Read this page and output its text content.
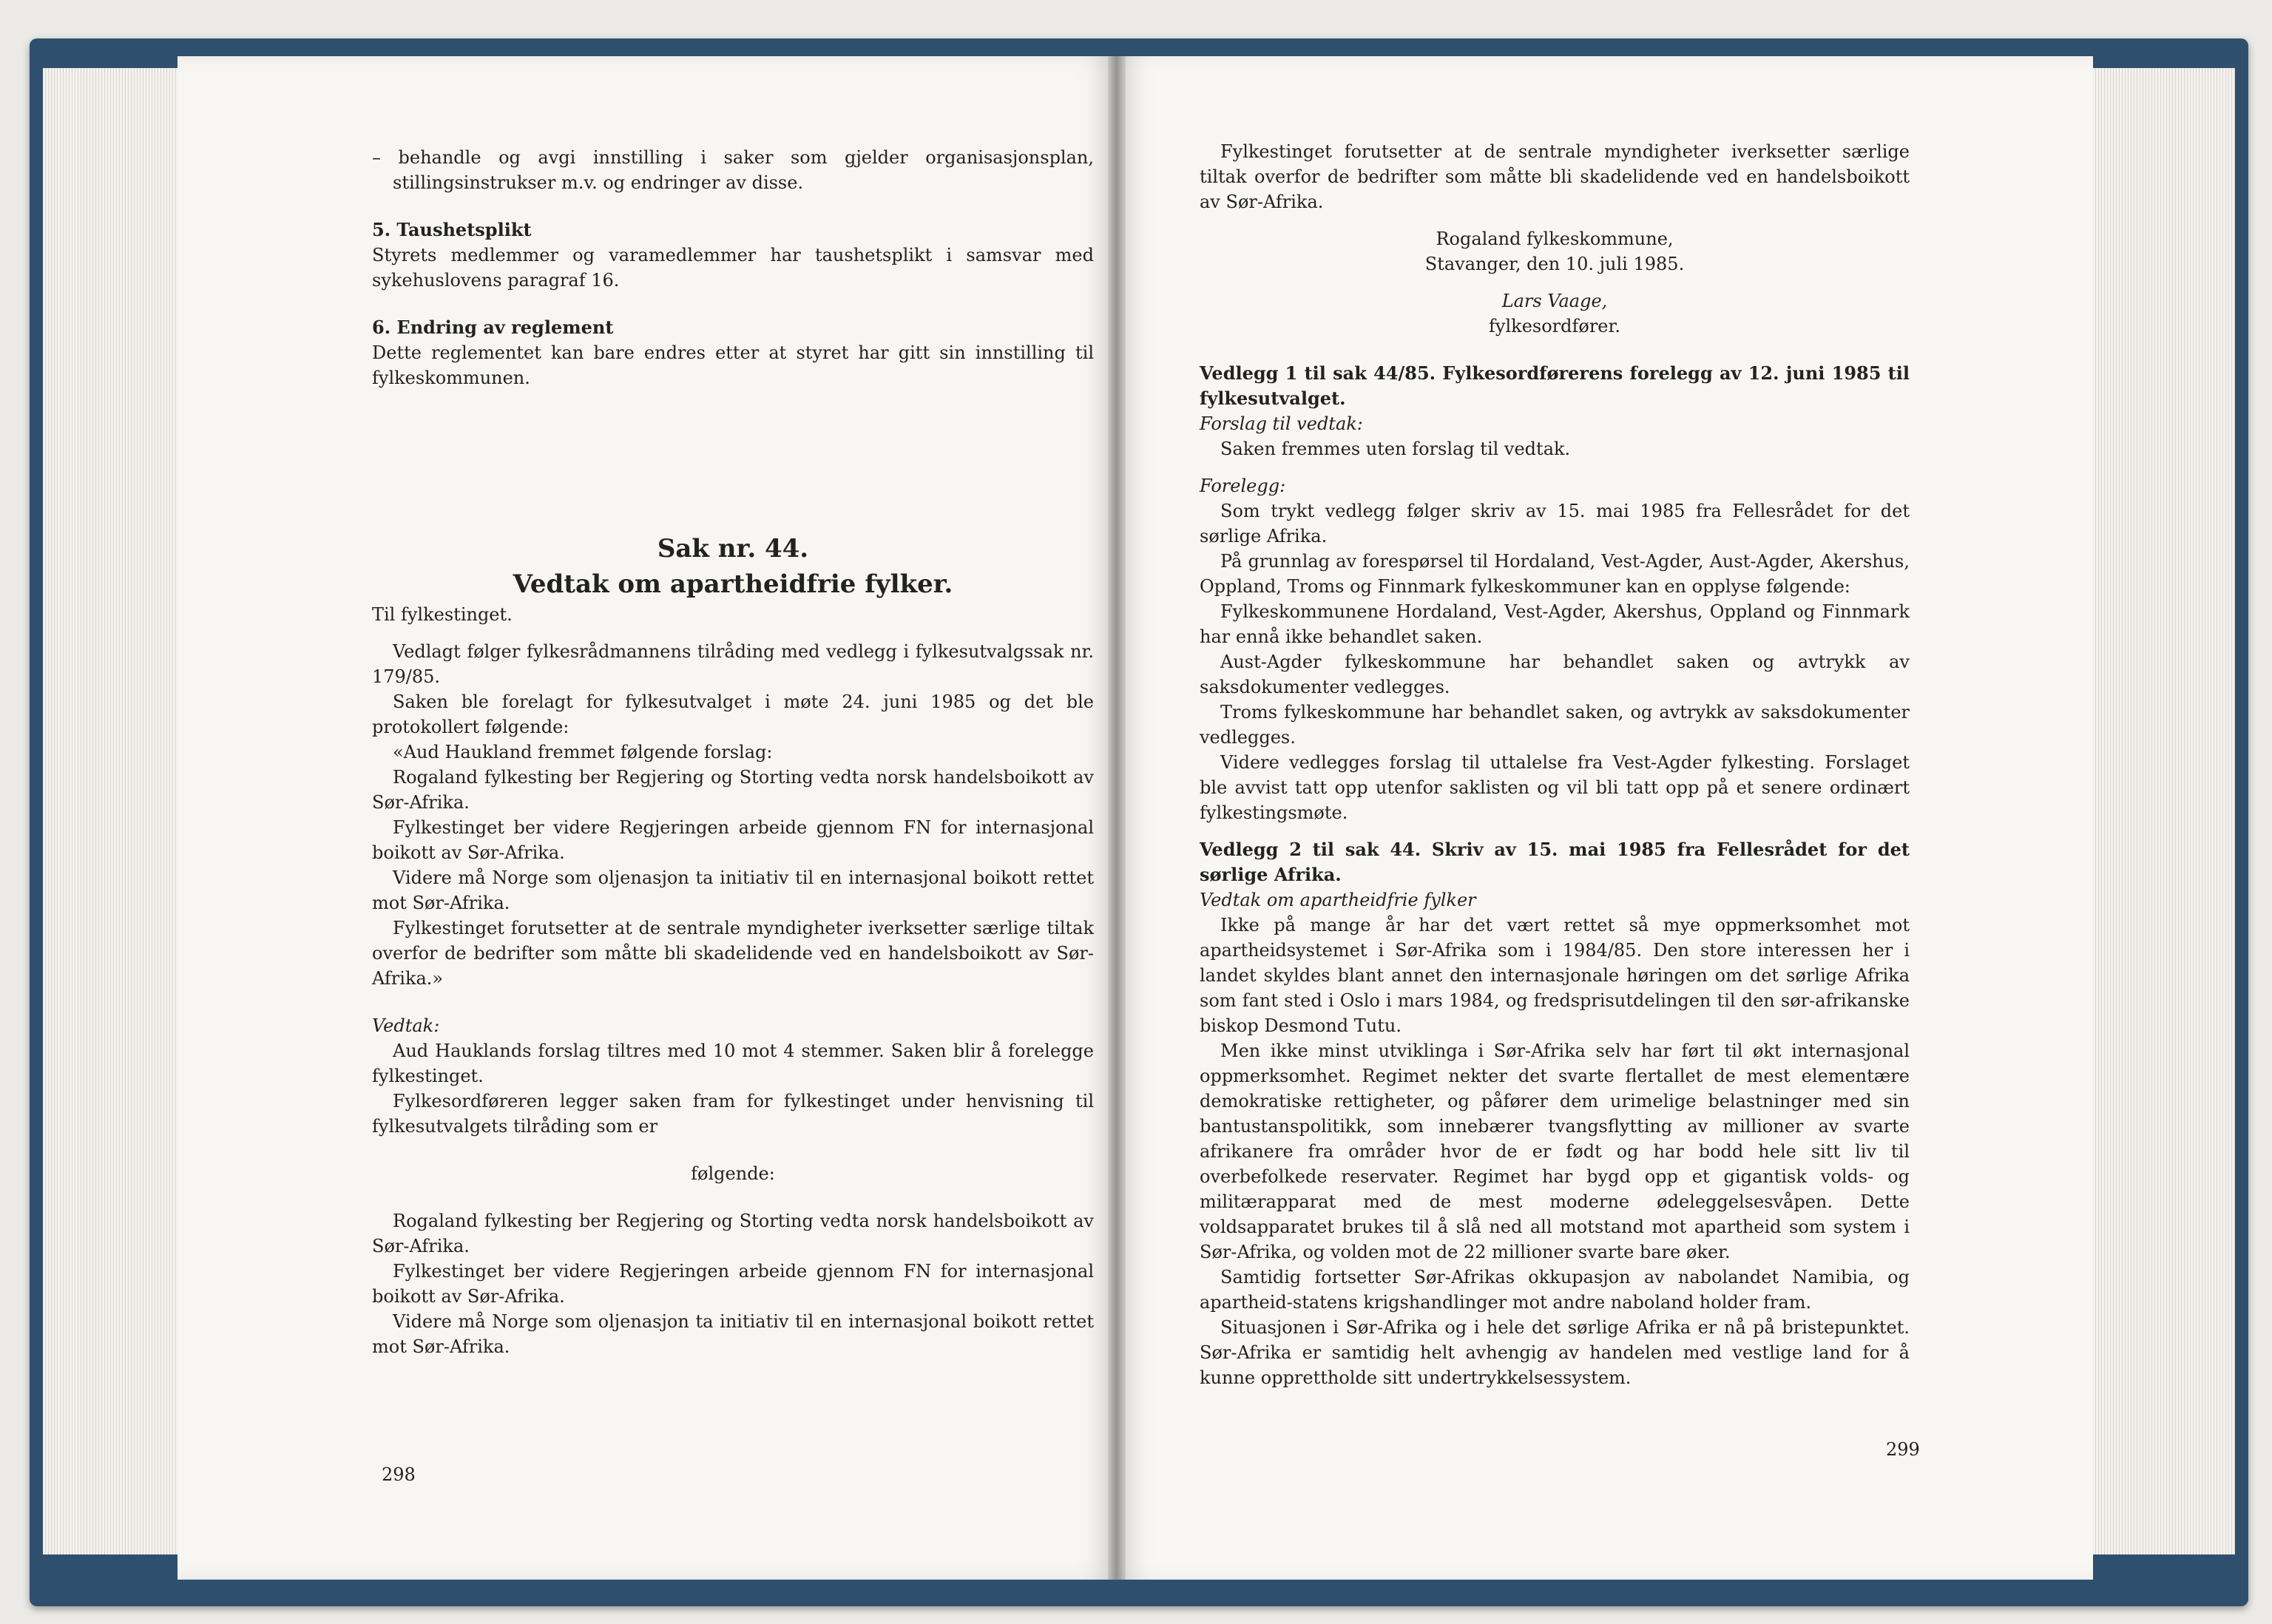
– behandle og avgi innstilling i saker som gjelder organisasjonsplan, stillingsinstrukser m.v. og endringer av disse.

5. Taushetsplikt

Styrets medlemmer og varamedlemmer har taushetsplikt i samsvar med sykehuslovens paragraf 16.

6. Endring av reglement

Dette reglementet kan bare endres etter at styret har gitt sin innstilling til fylkeskommunen.

Sak nr. 44.

Vedtak om apartheidfrie fylker.

Til fylkestinget.

Vedlagt følger fylkesrådmannens tilråding med vedlegg i fylkesutvalgssak nr. 179/85.

Saken ble forelagt for fylkesutvalget i møte 24. juni 1985 og det ble protokollert følgende:

«Aud Haukland fremmet følgende forslag:

Rogaland fylkesting ber Regjering og Storting vedta norsk handelsboikott av Sør-Afrika.

Fylkestinget ber videre Regjeringen arbeide gjennom FN for internasjonal boikott av Sør-Afrika.

Videre må Norge som oljenasjon ta initiativ til en internasjonal boikott rettet mot Sør-Afrika.

Fylkestinget forutsetter at de sentrale myndigheter iverksetter særlige tiltak overfor de bedrifter som måtte bli skadelidende ved en handelsboikott av Sør-Afrika.»

Vedtak:

Aud Hauklands forslag tiltres med 10 mot 4 stemmer. Saken blir å forelegge fylkestinget.

Fylkesordføreren legger saken fram for fylkestinget under henvisning til fylkesutvalgets tilråding som er

følgende:

Rogaland fylkesting ber Regjering og Storting vedta norsk handelsboikott av Sør-Afrika.

Fylkestinget ber videre Regjeringen arbeide gjennom FN for internasjonal boikott av Sør-Afrika.

Videre må Norge som oljenasjon ta initiativ til en internasjonal boikott rettet mot Sør-Afrika.

298

Fylkestinget forutsetter at de sentrale myndigheter iverksetter særlige tiltak overfor de bedrifter som måtte bli skadelidende ved en handelsboikott av Sør-Afrika.

Rogaland fylkeskommune,

Stavanger, den 10. juli 1985.

Lars Vaage,

fylkesordfører.

Vedlegg 1 til sak 44/85. Fylkesordførerens forelegg av 12. juni 1985 til fylkesutvalget.

Forslag til vedtak:

Saken fremmes uten forslag til vedtak.

Forelegg:

Som trykt vedlegg følger skriv av 15. mai 1985 fra Fellesrådet for det sørlige Afrika.

På grunnlag av forespørsel til Hordaland, Vest-Agder, Aust-Agder, Akershus, Oppland, Troms og Finnmark fylkeskommuner kan en opplyse følgende:

Fylkeskommunene Hordaland, Vest-Agder, Akershus, Oppland og Finnmark har ennå ikke behandlet saken.

Aust-Agder fylkeskommune har behandlet saken og avtrykk av saksdokumenter vedlegges.

Troms fylkeskommune har behandlet saken, og avtrykk av saksdokumenter vedlegges.

Videre vedlegges forslag til uttalelse fra Vest-Agder fylkesting. Forslaget ble avvist tatt opp utenfor saklisten og vil bli tatt opp på et senere ordinært fylkestingsmøte.

Vedlegg 2 til sak 44. Skriv av 15. mai 1985 fra Fellesrådet for det sørlige Afrika.

Vedtak om apartheidfrie fylker

Ikke på mange år har det vært rettet så mye oppmerksomhet mot apartheidsystemet i Sør-Afrika som i 1984/85. Den store interessen her i landet skyldes blant annet den internasjonale høringen om det sørlige Afrika som fant sted i Oslo i mars 1984, og fredsprisutdelingen til den sør-afrikanske biskop Desmond Tutu.

Men ikke minst utviklinga i Sør-Afrika selv har ført til økt internasjonal oppmerksomhet. Regimet nekter det svarte flertallet de mest elementære demokratiske rettigheter, og påfører dem urimelige belastninger med sin bantustanspolitikk, som innebærer tvangsflytting av millioner av svarte afrikanere fra områder hvor de er født og har bodd hele sitt liv til overbefolkede reservater. Regimet har bygd opp et gigantisk volds- og militærapparat med de mest moderne ødeleggelsesvåpen. Dette voldsapparatet brukes til å slå ned all motstand mot apartheid som system i Sør-Afrika, og volden mot de 22 millioner svarte bare øker.

Samtidig fortsetter Sør-Afrikas okkupasjon av nabolandet Namibia, og apartheid-statens krigshandlinger mot andre naboland holder fram.

Situasjonen i Sør-Afrika og i hele det sørlige Afrika er nå på bristepunktet. Sør-Afrika er samtidig helt avhengig av handelen med vestlige land for å kunne opprettholde sitt undertrykkelsessystem.

299
